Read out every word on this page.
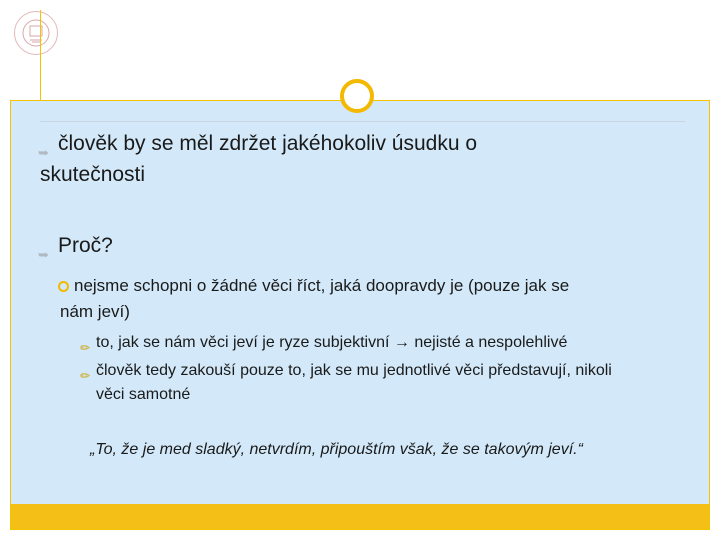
➥ člověk by se měl zdržet jakéhokoliv úsudku o
skutečnosti
➥ Proč?
nejsme schopni o žádné věci říct, jaká doopravdy je (pouze jak se
nám jeví)
✏ to, jak se nám věci jeví je ryze subjektivní → nejisté a nespolehlivé
✏ člověk tedy zakouší pouze to, jak se mu jednotlivé věci představují, nikoli
věci samotné
„To, že je med sladký, netvrdím, připouštím však, že se takovým jeví.“
